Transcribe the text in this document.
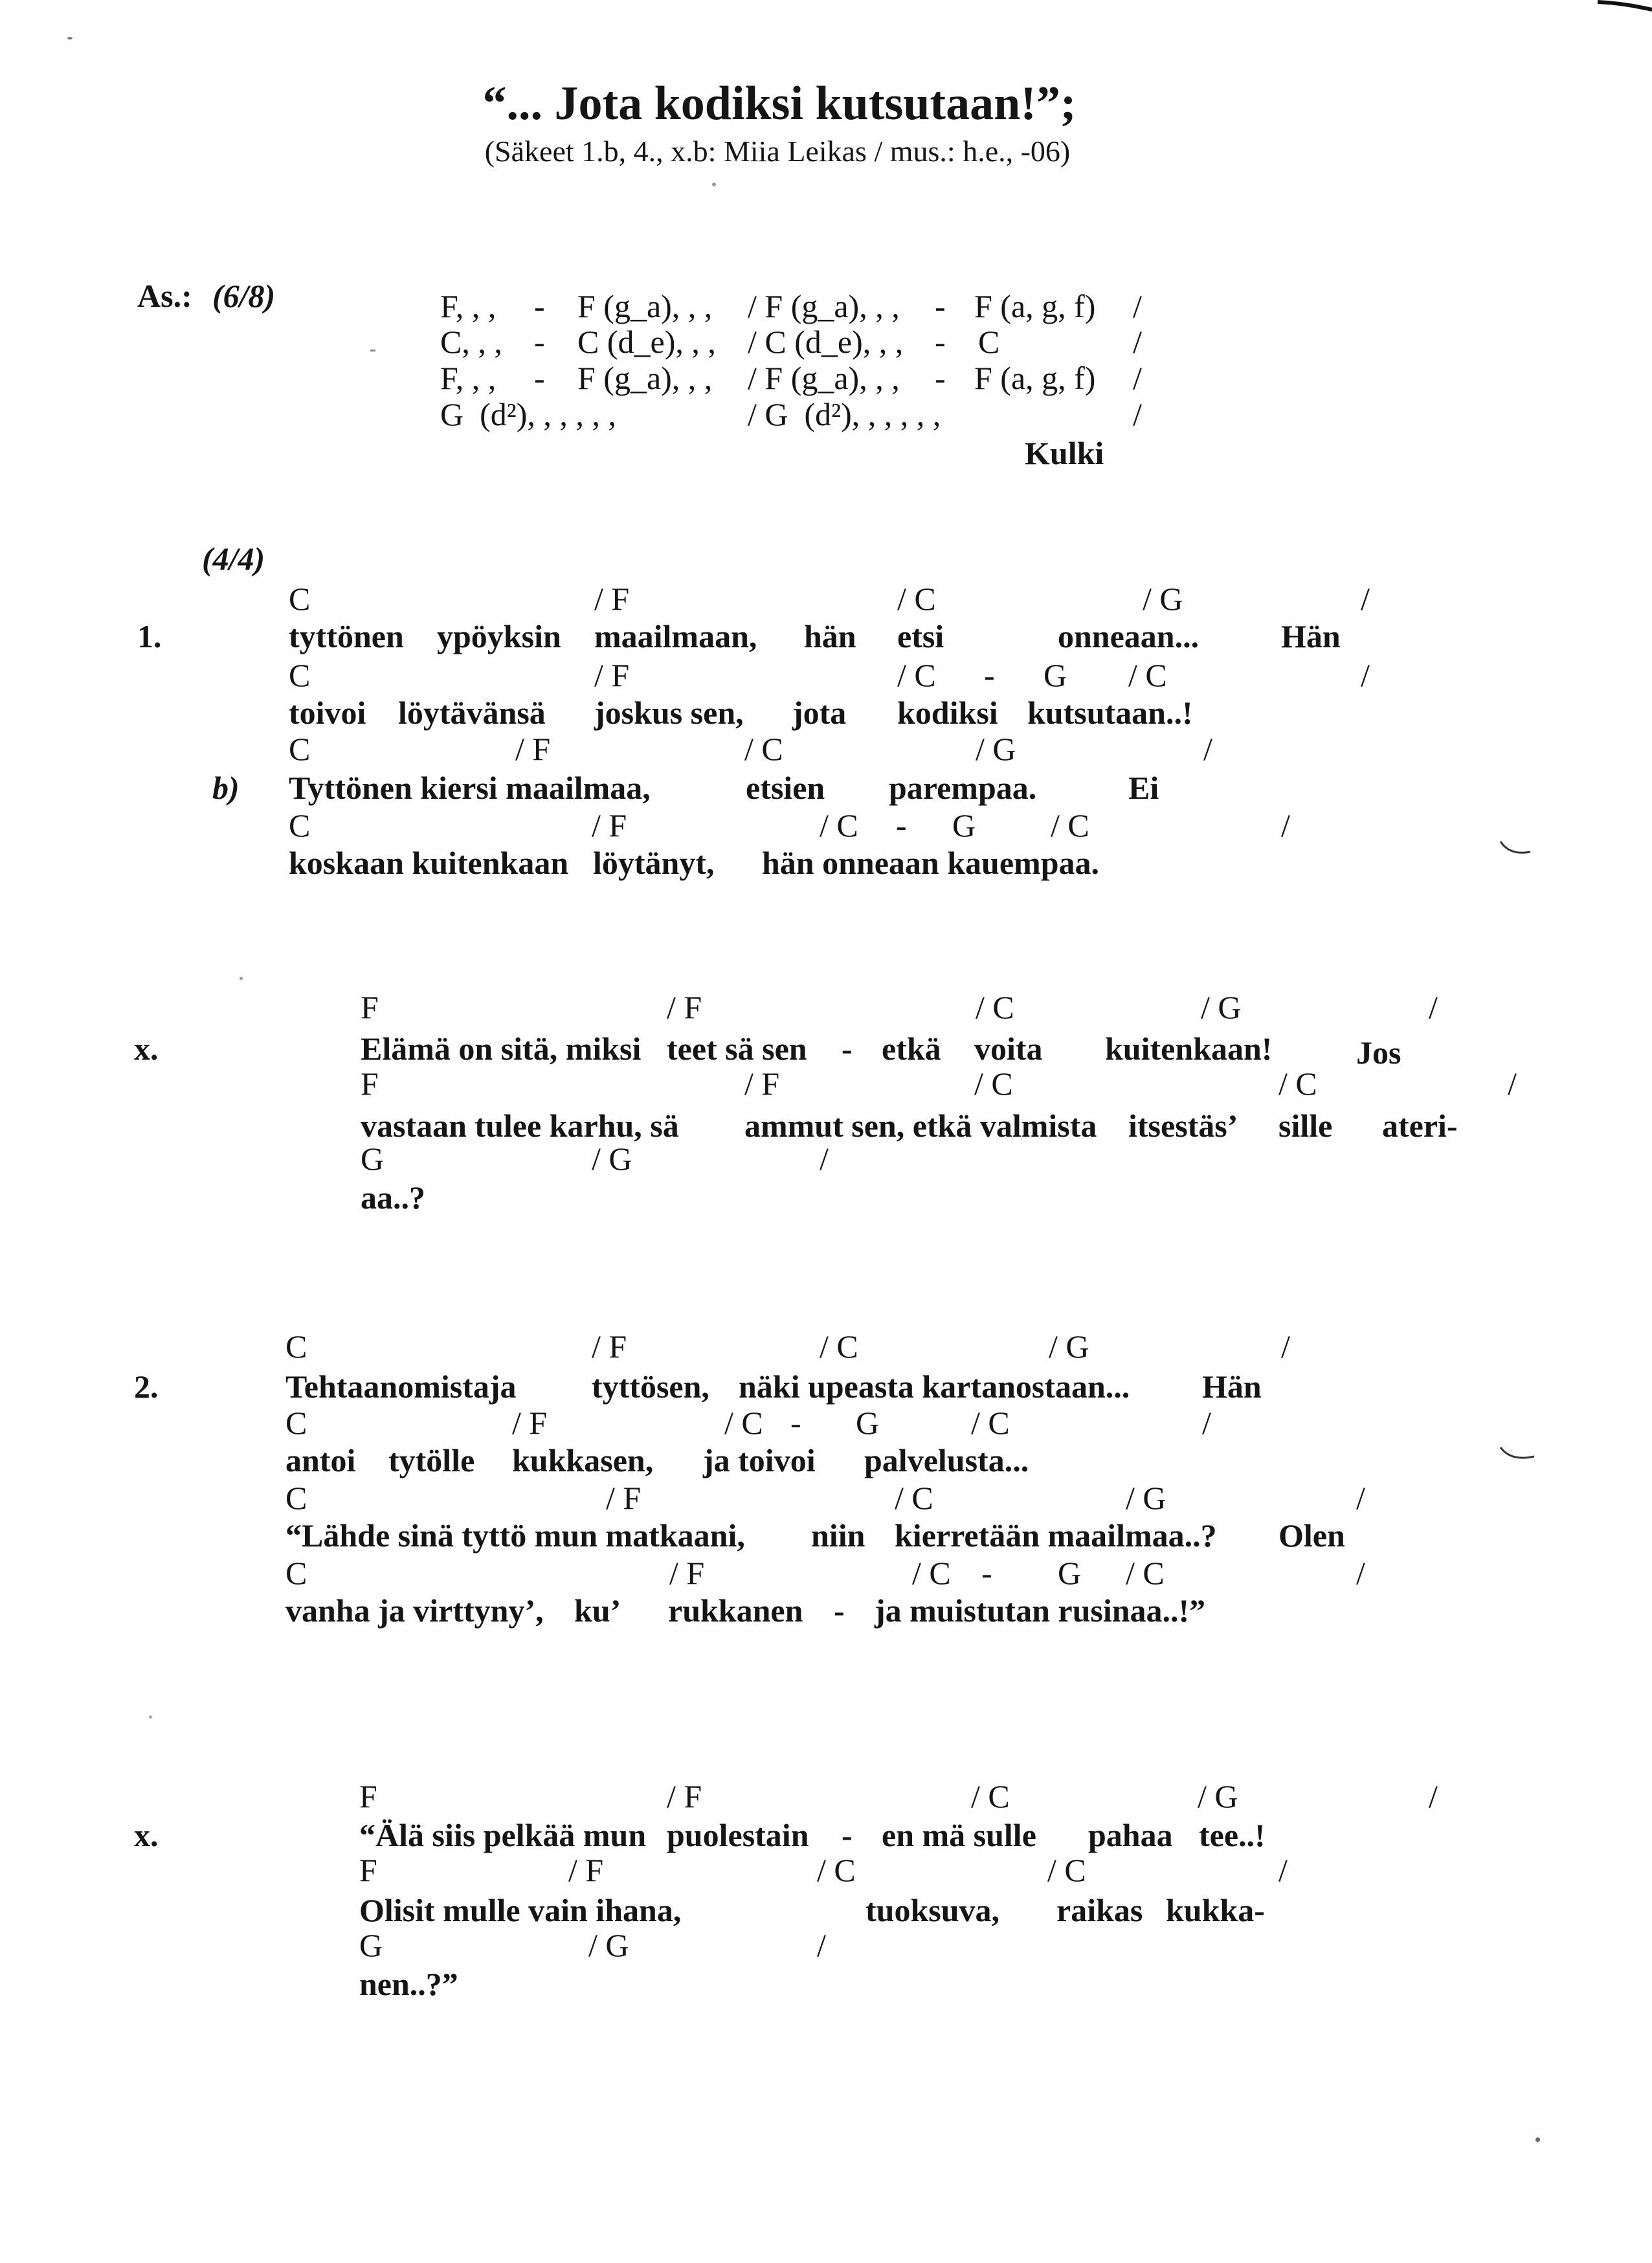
“... Jota kodiksi kutsutaan!”;
(Säkeet 1.b, 4., x.b: Miia Leikas / mus.: h.e., -06)
As.: (6/8)	F, , , - F (g_a), , , / F (g_a), , , - F (a, g, f) /
C, , , - C (d_e), , , / C (d_e), , , - C	/
F, , , - F (g_a), , , / F (g_a), , , - F (a, g, f) /
G  (d²), , , , , ,	/ G  (d²), , , , , ,	/
Kulki
(4/4)
C	/ F	/ C	/ G	/
1.	tyttönen ypöyksin maailmaan, hän etsi	onneaan...	Hän
C	/ F	/ C - G / C	/
toivoi löytävänsä joskus sen, jota kodiksi kutsutaan..!
C	/ F	/ C	/ G	/
b) Tyttönen kiersi maailmaa,	etsien parempaa.	Ei
C	/ F	/ C - G / C	/
koskaan kuitenkaan löytänyt, hän onneaan kauempaa.
F	/ F	/ C	/ G	/
x.	Elämä on sitä, miksi teet sä sen - etkä voita kuitenkaan!	Jos
F	/ F	/ C	/ C	/
vastaan tulee karhu, sä ammut sen, etkä valmista itsestäs’ sille ateri-
G	/ G	/
aa..?
C	/ F	/ C	/ G	/
2.	Tehtaanomistaja tyttösen, näki upeasta kartanostaan... Hän
C	/ F	/ C - G	/ C	/
antoi tytölle kukkasen, ja toivoi palvelusta...
C	/ F	/ C	/ G	/
“Lähde sinä tyttö mun matkaani, niin kierretään maailmaa..? Olen
C	/ F	/ C - G / C	/
vanha ja virttyny’, ku’ rukkanen - ja muistutan rusinaa..!”
F	/ F	/ C	/ G	/
x.	“Älä siis pelkää mun puolestain - en mä sulle pahaa tee..!
F	/ F	/ C	/ C	/
Olisit mulle vain ihana,	tuoksuva, raikas kukka-
G	/ G	/
nen..?”
